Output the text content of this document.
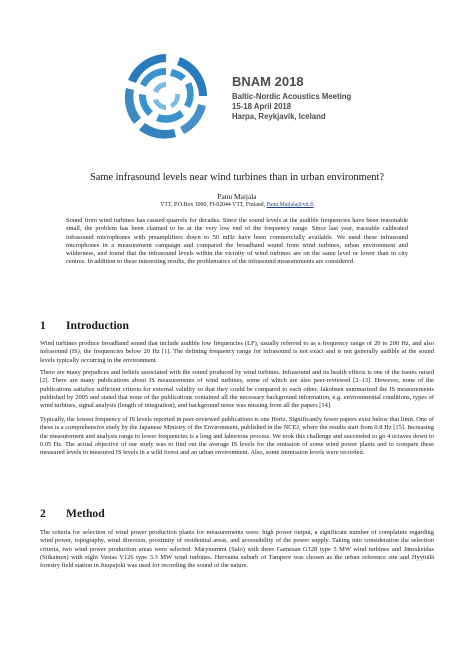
BNAM 2018
Baltic-Nordic Acoustics Meeting
15-18 April 2018
Harpa, Reykjavik, Iceland
Same infrasound levels near wind turbines than in urban environment?
Panu Maijala
VTT, P.O.Box 1000, FI-02044 VTT, Finland, Panu.Maijala@vtt.fi

Sound from wind turbines has caused quarrels for decades. Since the sound levels at the audible frequencies have been reasonable small, the problem has been claimed to be at the very low end of the frequency range. Since last year, traceable calibrated infrasound microphones with preamplifiers down to 50 mHz have been commercially available. We used these infrasound microphones in a measurement campaign and compared the broadband sound from wind turbines, urban environment and wilderness, and found that the infrasound levels within the vicinity of wind turbines are on the same level or lower than in city centres. In addition to these interesting results, the problematics of the infrasound measurements are considered.

1 Introduction

Wind turbines produce broadband sound that include audible low frequencies (LF), usually referred to as a frequency range of 20 to 200 Hz, and also infrasound (IS), the frequencies below 20 Hz [1]. The defining frequency range for infrasound is not exact and is not generally audible at the sound levels typically occurring in the environment.

There are many prejudices and beliefs associated with the sound produced by wind turbines. Infrasound and its health effects is one of the issues raised [2]. There are many publications about IS measurements of wind turbines, some of which are also peer-reviewed [2–13]. However, none of the publications satisfies sufficient criteria for external validity so that they could be compared to each other. Jakobsen summarized the IS measurements published by 2005 and stated that none of the publications contained all the necessary background information, e.g. environmental conditions, types of wind turbines, signal analysis (length of integration), and background noise was missing from all the papers [14].

Typically, the lowest frequency of IS levels reported in peer-reviewed publications is one Hertz. Significantly fewer papers exist below that limit. One of these is a comprehensive study by the Japanese Ministry of the Environment, published in the NCEJ, where the results start from 0.8 Hz [15]. Increasing the measurement and analysis range to lower frequencies is a long and laborious process. We took this challenge and succeeded to go 4 octaves down to 0.05 Hz. The actual objective of our study was to find out the average IS levels for the emission of some wind power plants and to compare these measured levels to measured IS levels in a wild forest and an urban environment. Also, some immission levels were recorded.

2 Method

The criteria for selection of wind power production plants for measurements were: high power output, a significant number of complaints regarding wind power, topography, wind direction, proximity of residential areas, and accessibility of the power supply. Taking into consideration the selection criteria, two wind power production areas were selected: Märynummi (Salo) with three Gamesan G128 type 5 MW wind turbines and Jäneskeidas (Siikainen) with eight Vestas V126 type 3.3 MW wind turbines. Hervanta suburb of Tampere was chosen as the urban reference site and Hyytiälä forestry field station in Juupajoki was used for recording the sound of the nature.
